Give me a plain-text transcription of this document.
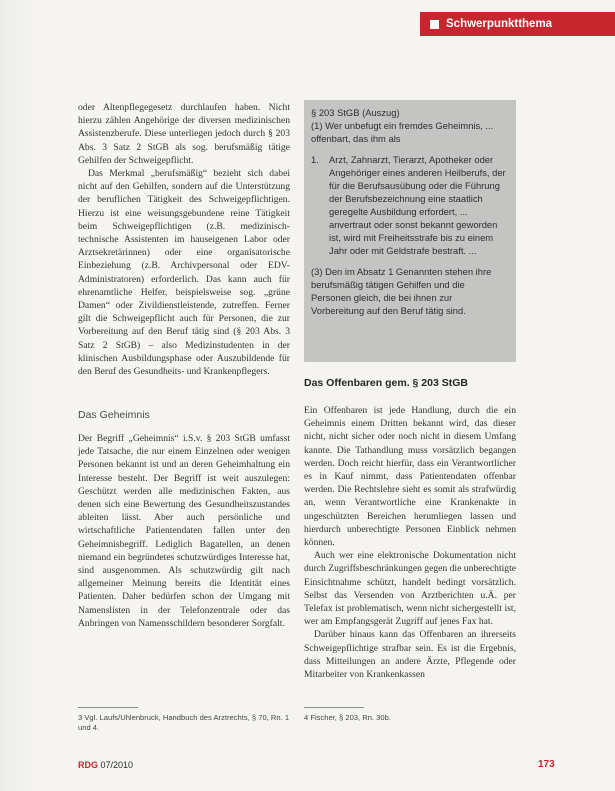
Schwerpunktthema

oder Altenpflegegesetz durchlaufen haben. Nicht hierzu zählen Angehörige der diversen medizinischen Assistenzberufe. Diese unterliegen jedoch durch § 203 Abs. 3 Satz 2 StGB als sog. berufsmäßig tätige Gehilfen der Schweigepflicht.

Das Merkmal „berufsmäßig“ bezieht sich dabei nicht auf den Gehilfen, sondern auf die Unterstützung der beruflichen Tätigkeit des Schweigepflichtigen. Hierzu ist eine weisungsgebundene reine Tätigkeit beim Schweigepflichtigen (z.B. medizinisch-technische Assistenten im hauseigenen Labor oder Arztsekretärinnen) oder eine organisatorische Einbeziehung (z.B. Archivpersonal oder EDV-Administratoren) erforderlich. Das kann auch für ehrenamtliche Helfer, beispielsweise sog. „grüne Damen“ oder Zivildienstleistende, zutreffen. Ferner gilt die Schweigepflicht auch für Personen, die zur Vorbereitung auf den Beruf tätig sind (§ 203 Abs. 3 Satz 2 StGB) – also Medizinstudenten in der klinischen Ausbildungsphase oder Auszubildende für den Beruf des Gesundheits- und Krankenpflegers.

Das Geheimnis

Der Begriff „Geheimnis“ i.S.v. § 203 StGB umfasst jede Tatsache, die nur einem Einzelnen oder wenigen Personen bekannt ist und an deren Geheimhaltung ein Interesse besteht. Der Begriff ist weit auszulegen: Geschützt werden alle medizinischen Fakten, aus denen sich eine Bewertung des Gesundheitszustandes ableiten lässt. Aber auch persönliche und wirtschaftliche Patientendaten fallen unter den Geheimnisbegriff. Lediglich Bagatellen, an denen niemand ein begründetes schutzwürdiges Interesse hat, sind ausgenommen. Als schutzwürdig gilt nach allgemeiner Meinung bereits die Identität eines Patienten. Daher bedürfen schon der Umgang mit Namenslisten in der Telefonzentrale oder das Anbringen von Namensschildern besonderer Sorgfalt.

§ 203 StGB (Auszug)

(1) Wer unbefugt ein fremdes Geheimnis, ... offenbart, das ihm als

1.	Arzt, Zahnarzt, Tierarzt, Apotheker oder Angehöriger eines anderen Heilberufs, der für die Berufsausübung oder die Führung der Berufsbezeichnung eine staatlich geregelte Ausbildung erfordert, ... anvertraut oder sonst bekannt geworden ist, wird mit Freiheitsstrafe bis zu einem Jahr oder mit Geldstrafe bestraft. ...

(3) Den im Absatz 1 Genannten stehen ihre berufsmäßig tätigen Gehilfen und die Personen gleich, die bei ihnen zur Vorbereitung auf den Beruf tätig sind.

Das Offenbaren gem. § 203 StGB

Ein Offenbaren ist jede Handlung, durch die ein Geheimnis einem Dritten bekannt wird, das dieser nicht, nicht sicher oder noch nicht in diesem Umfang kannte. Die Tathandlung muss vorsätzlich begangen werden. Doch reicht hierfür, dass ein Verantwortlicher es in Kauf nimmt, dass Patientendaten offenbar werden. Die Rechtslehre sieht es somit als strafwürdig an, wenn Verantwortliche eine Krankenakte in ungeschützten Bereichen herumliegen lassen und hierdurch unberechtigte Personen Einblick nehmen können.

Auch wer eine elektronische Dokumentation nicht durch Zugriffsbeschränkungen gegen die unberechtigte Einsichtnahme schützt, handelt bedingt vorsätzlich. Selbst das Versenden von Arztberichten u.Ä. per Telefax ist problematisch, wenn nicht sichergestellt ist, wer am Empfangsgerät Zugriff auf jenes Fax hat.

Darüber hinaus kann das Offenbaren an ihrerseits Schweigepflichtige strafbar sein. Es ist die Ergebnis, dass Mitteilungen an andere Ärzte, Pflegende oder Mitarbeiter von Krankenkassen

3 Vgl. Laufs/Uhlenbruck, Handbuch des Arztrechts, § 70, Rn. 1 und 4.
4 Fischer, § 203, Rn. 30b.
RDG 07/2010	173
